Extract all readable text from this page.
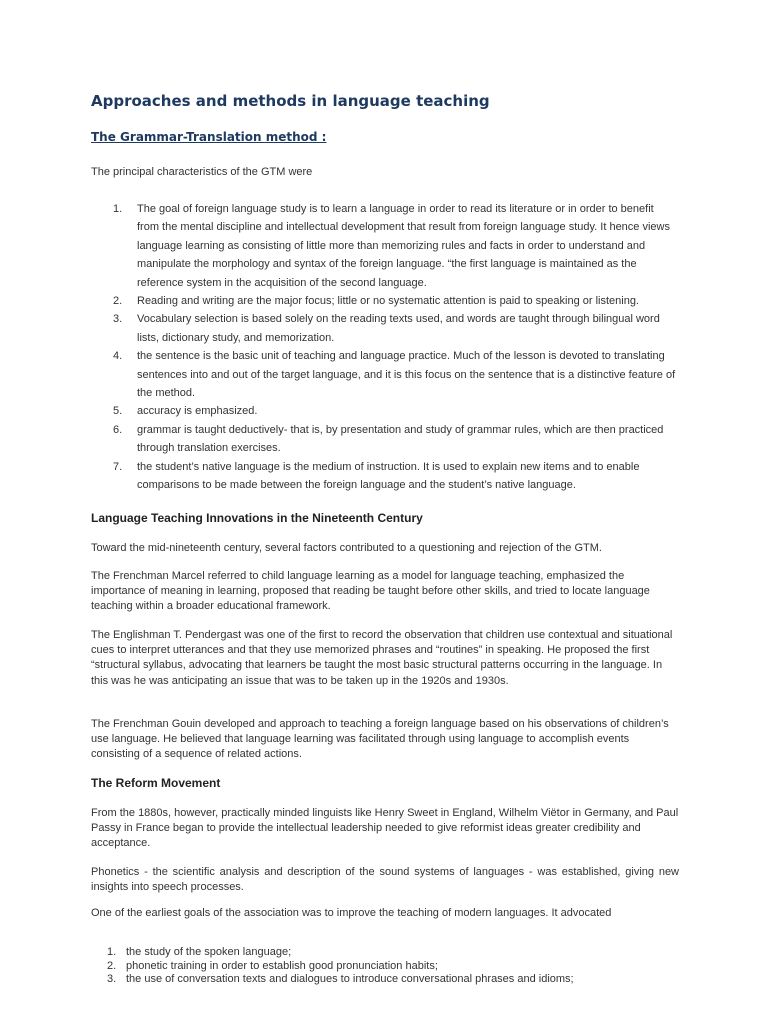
Approaches and methods in language teaching
The Grammar-Translation method :

The principal characteristics of the GTM were

1. The goal of foreign language study is to learn a language in order to read its literature or in order to benefit from the mental discipline and intellectual development that result from foreign language study. It hence views language learning as consisting of little more than memorizing rules and facts in order to understand and manipulate the morphology and syntax of the foreign language. “the first language is maintained as the reference system in the acquisition of the second language.
2. Reading and writing are the major focus; little or no systematic attention is paid to speaking or listening.
3. Vocabulary selection is based solely on the reading texts used, and words are taught through bilingual word lists, dictionary study, and memorization.
4. the sentence is the basic unit of teaching and language practice. Much of the lesson is devoted to translating sentences into and out of the target language, and it is this focus on the sentence that is a distinctive feature of the method.
5. accuracy is emphasized.
6. grammar is taught deductively- that is, by presentation and study of grammar rules, which are then practiced through translation exercises.
7. the student’s native language is the medium of instruction. It is used to explain new items and to enable comparisons to be made between the foreign language and the student’s native language.
Language Teaching Innovations in the Nineteenth Century

Toward the mid-nineteenth century, several factors contributed to a questioning and rejection of the GTM.

The Frenchman Marcel referred to child language learning as a model for language teaching, emphasized the importance of meaning in learning, proposed that reading be taught before other skills, and tried to locate language teaching within a broader educational framework.

The Englishman T. Pendergast was one of the first to record the observation that children use contextual and situational cues to interpret utterances and that they use memorized phrases and “routines” in speaking. He proposed the first “structural syllabus, advocating that learners be taught the most basic structural patterns occurring in the language. In this was he was anticipating an issue that was to be taken up in the 1920s and 1930s.

The Frenchman Gouin developed and approach to teaching a foreign language based on his observations of children’s use language. He believed that language learning was facilitated through using language to accomplish events consisting of a sequence of related actions.

The Reform Movement

From the 1880s, however, practically minded linguists like Henry Sweet in England, Wilhelm Viëtor in Germany, and Paul Passy in France began to provide the intellectual leadership needed to give reformist ideas greater credibility and acceptance.

Phonetics - the scientific analysis and description of the sound systems of languages - was established, giving new insights into speech processes.

One of the earliest goals of the association was to improve the teaching of modern languages. It advocated

1. the study of the spoken language;
2. phonetic training in order to establish good pronunciation habits;
3. the use of conversation texts and dialogues to introduce conversational phrases and idioms;
